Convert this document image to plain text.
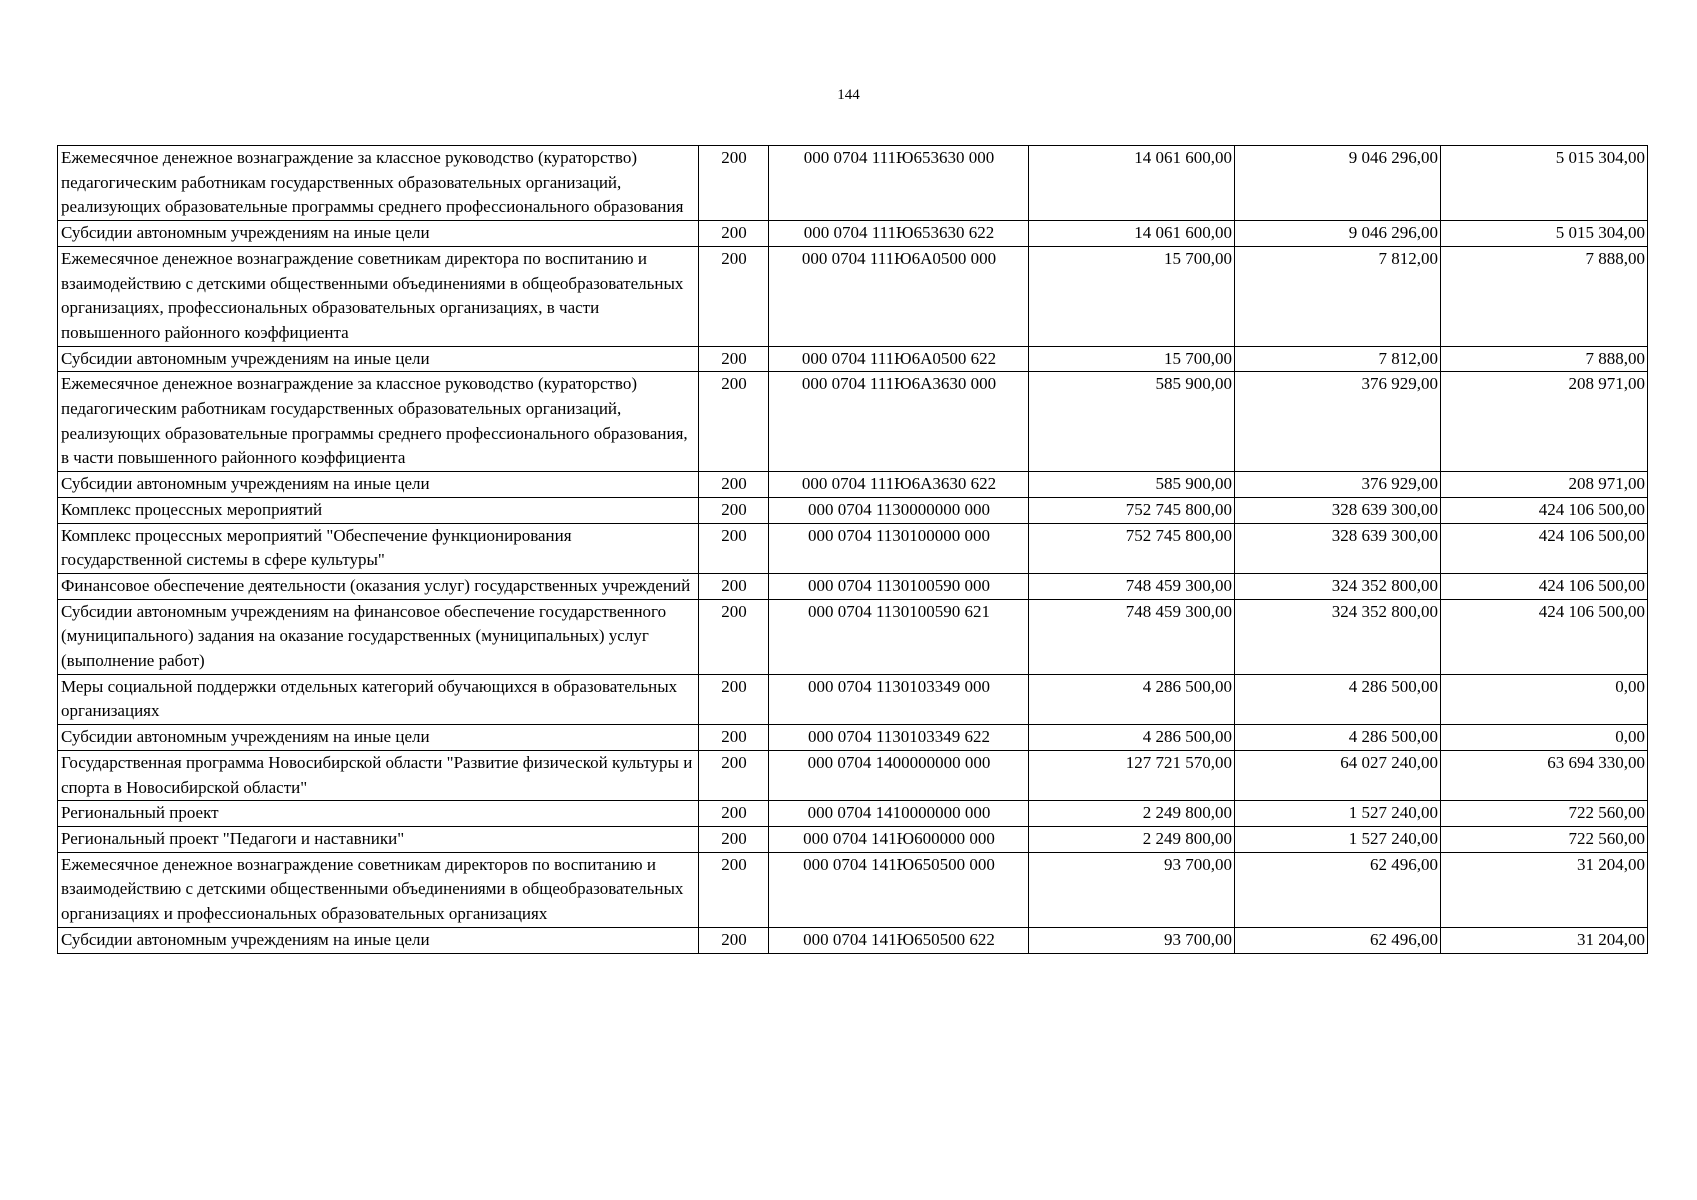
144
Ежемесячное денежное вознаграждение за классное руководство (кураторство) педагогическим работникам государственных образовательных организаций, реализующих образовательные программы среднего профессионального образования	200	000 0704 111Ю653630 000	14 061 600,00	9 046 296,00	5 015 304,00
Субсидии автономным учреждениям на иные цели	200	000 0704 111Ю653630 622	14 061 600,00	9 046 296,00	5 015 304,00
Ежемесячное денежное вознаграждение советникам директора по воспитанию и взаимодействию с детскими общественными объединениями в общеобразовательных организациях, профессиональных образовательных организациях, в части повышенного районного коэффициента	200	000 0704 111Ю6А0500 000	15 700,00	7 812,00	7 888,00
Субсидии автономным учреждениям на иные цели	200	000 0704 111Ю6А0500 622	15 700,00	7 812,00	7 888,00
Ежемесячное денежное вознаграждение за классное руководство (кураторство) педагогическим работникам государственных образовательных организаций, реализующих образовательные программы среднего профессионального образования, в части повышенного районного коэффициента	200	000 0704 111Ю6А3630 000	585 900,00	376 929,00	208 971,00
Субсидии автономным учреждениям на иные цели	200	000 0704 111Ю6А3630 622	585 900,00	376 929,00	208 971,00
Комплекс процессных мероприятий	200	000 0704 1130000000 000	752 745 800,00	328 639 300,00	424 106 500,00
Комплекс процессных мероприятий "Обеспечение функционирования государственной системы в сфере культуры"	200	000 0704 1130100000 000	752 745 800,00	328 639 300,00	424 106 500,00
Финансовое обеспечение деятельности (оказания услуг) государственных учреждений	200	000 0704 1130100590 000	748 459 300,00	324 352 800,00	424 106 500,00
Субсидии автономным учреждениям на финансовое обеспечение государственного (муниципального) задания на оказание государственных (муниципальных) услуг (выполнение работ)	200	000 0704 1130100590 621	748 459 300,00	324 352 800,00	424 106 500,00
Меры социальной поддержки отдельных категорий обучающихся в образовательных организациях	200	000 0704 1130103349 000	4 286 500,00	4 286 500,00	0,00
Субсидии автономным учреждениям на иные цели	200	000 0704 1130103349 622	4 286 500,00	4 286 500,00	0,00
Государственная программа Новосибирской области "Развитие физической культуры и спорта в Новосибирской области"	200	000 0704 1400000000 000	127 721 570,00	64 027 240,00	63 694 330,00
Региональный проект	200	000 0704 1410000000 000	2 249 800,00	1 527 240,00	722 560,00
Региональный проект "Педагоги и наставники"	200	000 0704 141Ю600000 000	2 249 800,00	1 527 240,00	722 560,00
Ежемесячное денежное вознаграждение советникам директоров по воспитанию и взаимодействию с детскими общественными объединениями в общеобразовательных организациях и профессиональных образовательных организациях	200	000 0704 141Ю650500 000	93 700,00	62 496,00	31 204,00
Субсидии автономным учреждениям на иные цели	200	000 0704 141Ю650500 622	93 700,00	62 496,00	31 204,00
